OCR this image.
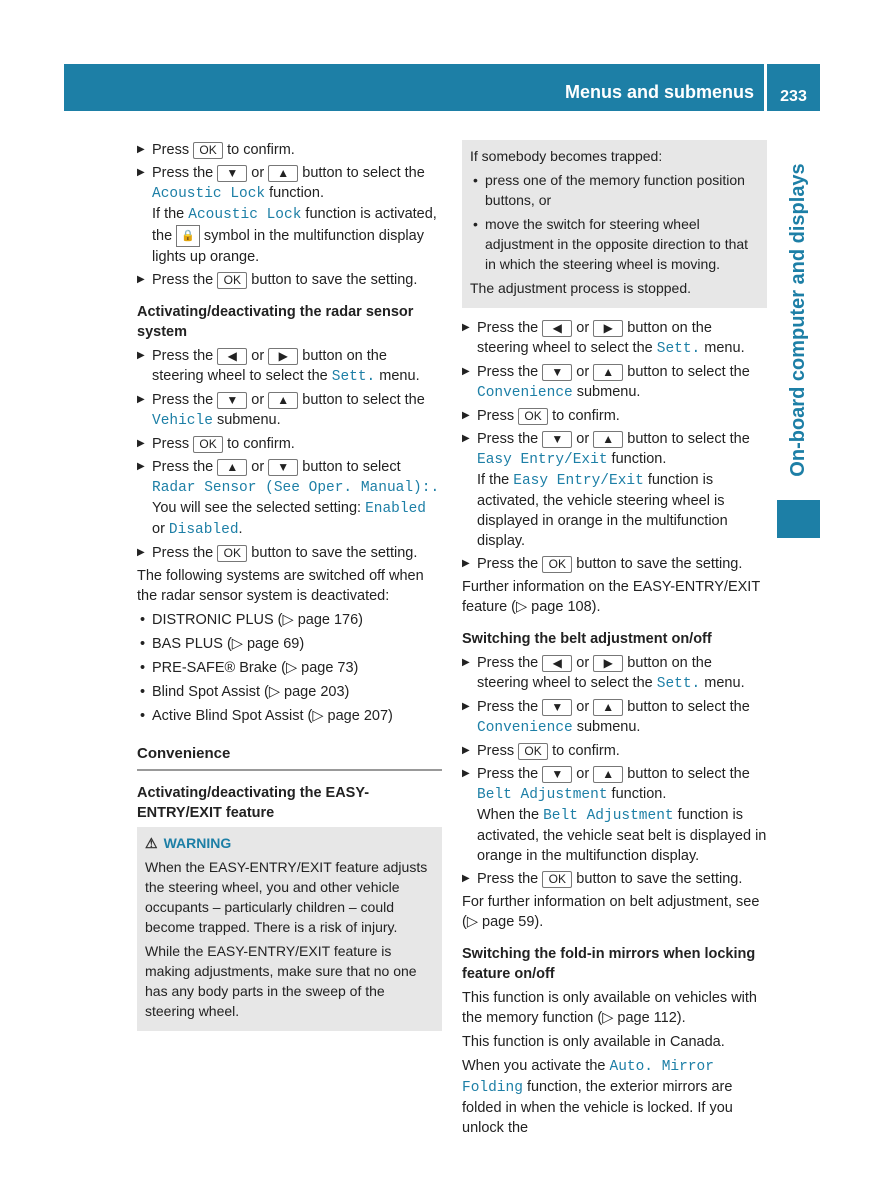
Menus and submenus	233
On-board computer and displays
▶ Press OK to confirm.
▶ Press the ▼ or ▲ button to select the Acoustic Lock function.
If the Acoustic Lock function is activated, the 🔒 symbol in the multifunction display lights up orange.
▶ Press the OK button to save the setting.
Activating/deactivating the radar sensor system
▶ Press the ◀ or ▶ button on the steering wheel to select the Sett. menu.
▶ Press the ▼ or ▲ button to select the Vehicle submenu.
▶ Press OK to confirm.
▶ Press the ▲ or ▼ button to select Radar Sensor (See Oper. Manual):.
You will see the selected setting: Enabled or Disabled.
▶ Press the OK button to save the setting.

The following systems are switched off when the radar sensor system is deactivated:

• DISTRONIC PLUS (▷ page 176)
• BAS PLUS (▷ page 69)
• PRE-SAFE® Brake (▷ page 73)
• Blind Spot Assist (▷ page 203)
• Active Blind Spot Assist (▷ page 207)
Convenience
Activating/deactivating the EASY-ENTRY/EXIT feature
⚠ WARNING

When the EASY-ENTRY/EXIT feature adjusts the steering wheel, you and other vehicle occupants – particularly children – could become trapped. There is a risk of injury.

While the EASY-ENTRY/EXIT feature is making adjustments, make sure that no one has any body parts in the sweep of the steering wheel.

If somebody becomes trapped:

• press one of the memory function position buttons, or
• move the switch for steering wheel adjustment in the opposite direction to that in which the steering wheel is moving.

The adjustment process is stopped.

▶ Press the ◀ or ▶ button on the steering wheel to select the Sett. menu.
▶ Press the ▼ or ▲ button to select the Convenience submenu.
▶ Press OK to confirm.
▶ Press the ▼ or ▲ button to select the Easy Entry/Exit function.
If the Easy Entry/Exit function is activated, the vehicle steering wheel is displayed in orange in the multifunction display.
▶ Press the OK button to save the setting.

Further information on the EASY-ENTRY/EXIT feature (▷ page 108).

Switching the belt adjustment on/off
▶ Press the ◀ or ▶ button on the steering wheel to select the Sett. menu.
▶ Press the ▼ or ▲ button to select the Convenience submenu.
▶ Press OK to confirm.
▶ Press the ▼ or ▲ button to select the Belt Adjustment function.
When the Belt Adjustment function is activated, the vehicle seat belt is displayed in orange in the multifunction display.
▶ Press the OK button to save the setting.

For further information on belt adjustment, see (▷ page 59).

Switching the fold-in mirrors when locking feature on/off

This function is only available on vehicles with the memory function (▷ page 112).

This function is only available in Canada.

When you activate the Auto. Mirror Folding function, the exterior mirrors are folded in when the vehicle is locked. If you unlock the
